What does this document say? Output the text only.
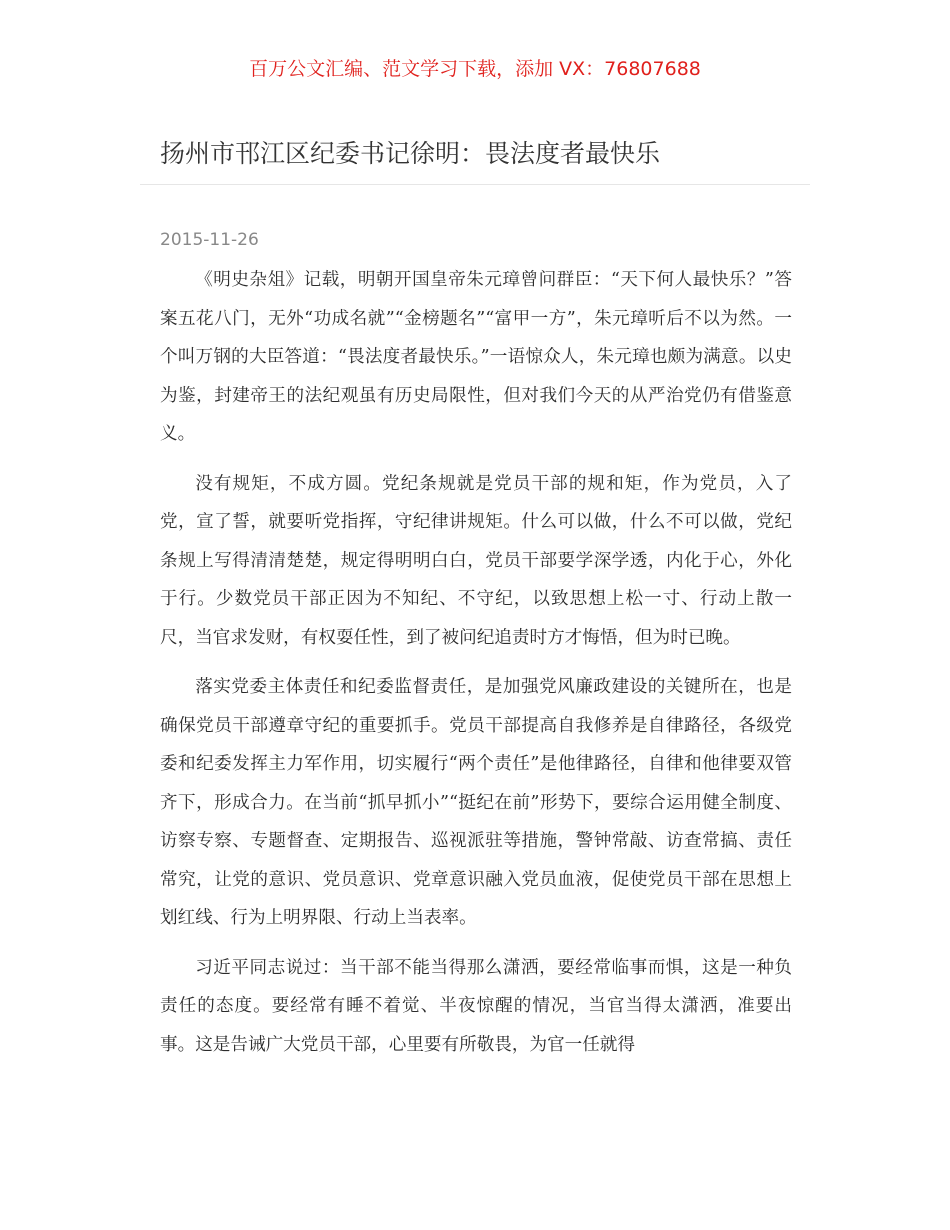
百万公文汇编、范文学习下载，添加 VX：76807688
扬州市邗江区纪委书记徐明：畏法度者最快乐
2015-11-26

《明史杂俎》记载，明朝开国皇帝朱元璋曾问群臣：“天下何人最快乐？”答案五花八门，无外“功成名就”“金榜题名”“富甲一方”，朱元璋听后不以为然。一个叫万钢的大臣答道：“畏法度者最快乐。”一语惊众人，朱元璋也颇为满意。以史为鉴，封建帝王的法纪观虽有历史局限性，但对我们今天的从严治党仍有借鉴意义。

没有规矩，不成方圆。党纪条规就是党员干部的规和矩，作为党员，入了党，宣了誓，就要听党指挥，守纪律讲规矩。什么可以做，什么不可以做，党纪条规上写得清清楚楚，规定得明明白白，党员干部要学深学透，内化于心，外化于行。少数党员干部正因为不知纪、不守纪，以致思想上松一寸、行动上散一尺，当官求发财，有权耍任性，到了被问纪追责时方才悔悟，但为时已晚。

落实党委主体责任和纪委监督责任，是加强党风廉政建设的关键所在，也是确保党员干部遵章守纪的重要抓手。党员干部提高自我修养是自律路径，各级党委和纪委发挥主力军作用，切实履行“两个责任”是他律路径，自律和他律要双管齐下，形成合力。在当前“抓早抓小”“挺纪在前”形势下，要综合运用健全制度、访察专察、专题督查、定期报告、巡视派驻等措施，警钟常敲、访查常搞、责任常究，让党的意识、党员意识、党章意识融入党员血液，促使党员干部在思想上划红线、行为上明界限、行动上当表率。

习近平同志说过：当干部不能当得那么潇洒，要经常临事而惧，这是一种负责任的态度。要经常有睡不着觉、半夜惊醒的情况，当官当得太潇洒，准要出事。这是告诫广大党员干部，心里要有所敬畏，为官一任就得
